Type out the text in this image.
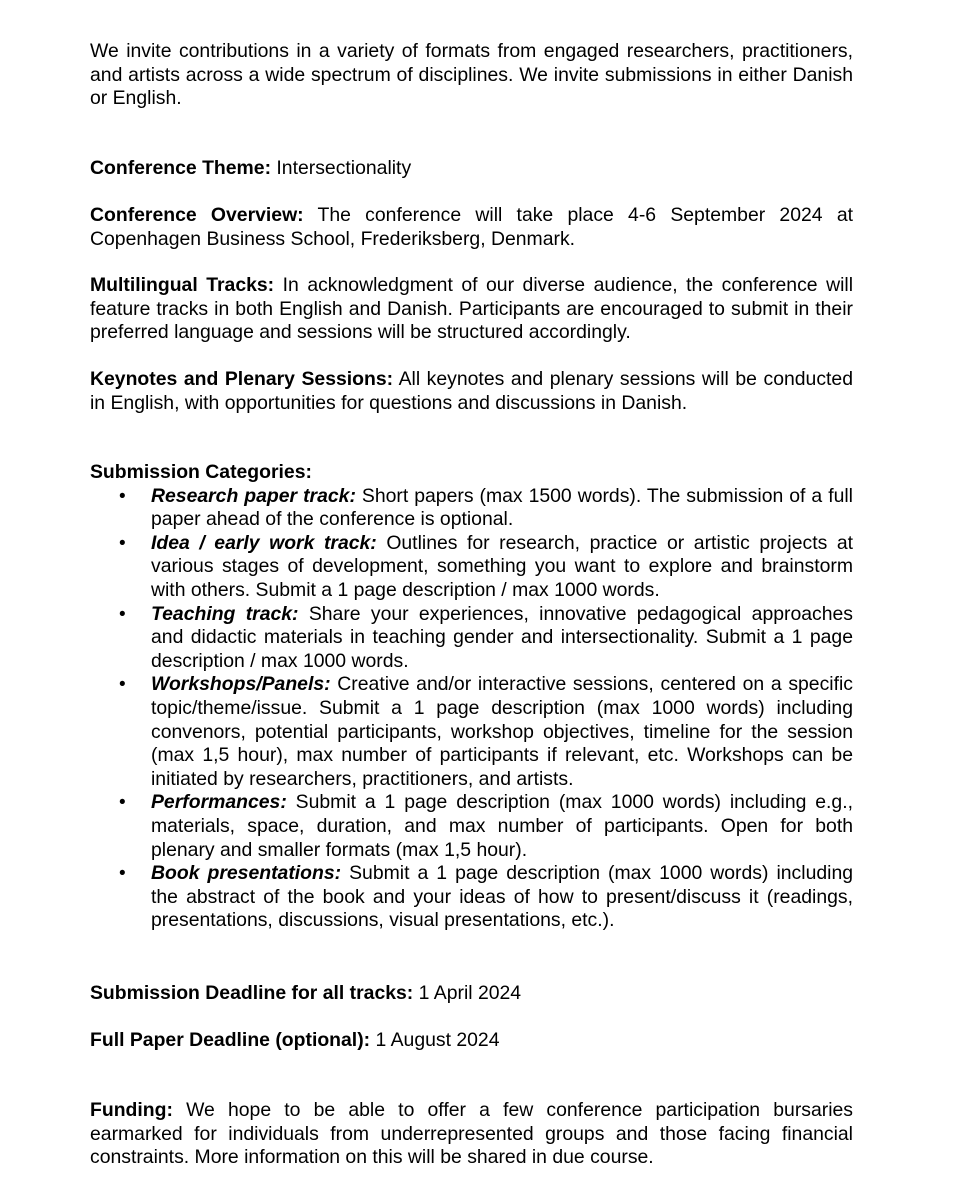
We invite contributions in a variety of formats from engaged researchers, practitioners, and artists across a wide spectrum of disciplines. We invite submissions in either Danish or English.

Conference Theme: Intersectionality

Conference Overview: The conference will take place 4-6 September 2024 at Copenhagen Business School, Frederiksberg, Denmark.

Multilingual Tracks: In acknowledgment of our diverse audience, the conference will feature tracks in both English and Danish. Participants are encouraged to submit in their preferred language and sessions will be structured accordingly.

Keynotes and Plenary Sessions: All keynotes and plenary sessions will be conducted in English, with opportunities for questions and discussions in Danish.

Submission Categories:

• Research paper track: Short papers (max 1500 words). The submission of a full paper ahead of the conference is optional.
• Idea / early work track: Outlines for research, practice or artistic projects at various stages of development, something you want to explore and brainstorm with others. Submit a 1 page description / max 1000 words.
• Teaching track: Share your experiences, innovative pedagogical approaches and didactic materials in teaching gender and intersectionality. Submit a 1 page description / max 1000 words.
• Workshops/Panels: Creative and/or interactive sessions, centered on a specific topic/theme/issue. Submit a 1 page description (max 1000 words) including convenors, potential participants, workshop objectives, timeline for the session (max 1,5 hour), max number of participants if relevant, etc. Workshops can be initiated by researchers, practitioners, and artists.
• Performances: Submit a 1 page description (max 1000 words) including e.g., materials, space, duration, and max number of participants. Open for both plenary and smaller formats (max 1,5 hour).
• Book presentations: Submit a 1 page description (max 1000 words) including the abstract of the book and your ideas of how to present/discuss it (readings, presentations, discussions, visual presentations, etc.).

Submission Deadline for all tracks: 1 April 2024

Full Paper Deadline (optional): 1 August 2024

Funding: We hope to be able to offer a few conference participation bursaries earmarked for individuals from underrepresented groups and those facing financial constraints. More information on this will be shared in due course.
